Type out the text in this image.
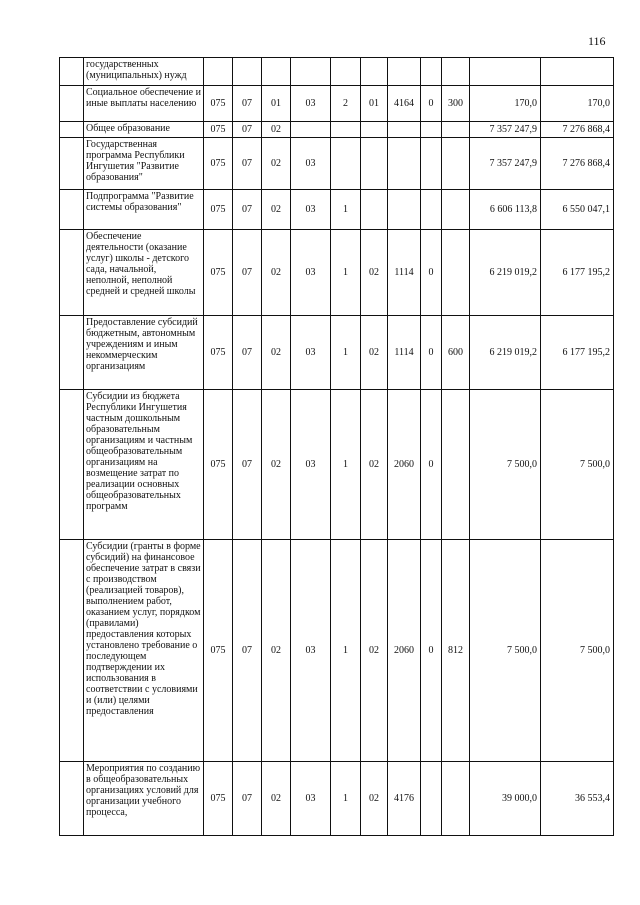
116
	государственных (муниципальных) нужд											
	Социальное обеспечение и иные выплаты населению	075	07	01	03	2	01	4164	0	300	170,0	170,0
	Общее образование	075	07	02							7 357 247,9	7 276 868,4
	Государственная программа Республики Ингушетия "Развитие образования"	075	07	02	03						7 357 247,9	7 276 868,4
	Подпрограмма "Развитие системы образования"	075	07	02	03	1					6 606 113,8	6 550 047,1
	Обеспечение деятельности (оказание услуг) школы - детского сада, начальной, неполной, неполной средней и средней школы	075	07	02	03	1	02	1114	0		6 219 019,2	6 177 195,2
	Предоставление субсидий бюджетным, автономным учреждениям и иным некоммерческим организациям	075	07	02	03	1	02	1114	0	600	6 219 019,2	6 177 195,2
	Субсидии из бюджета Республики Ингушетия частным дошкольным образовательным организациям и частным общеобразовательным организациям на возмещение затрат по реализации основных общеобразовательных программ	075	07	02	03	1	02	2060	0		7 500,0	7 500,0
	Субсидии (гранты в форме субсидий) на финансовое обеспечение затрат в связи с производством (реализацией товаров), выполнением работ, оказанием услуг, порядком (правилами) предоставления которых установлено требование о последующем подтверждении их использования в соответствии с условиями и (или) целями предоставления	075	07	02	03	1	02	2060	0	812	7 500,0	7 500,0
	Мероприятия по созданию в общеобразовательных организациях условий для организации учебного процесса,	075	07	02	03	1	02	4176			39 000,0	36 553,4
